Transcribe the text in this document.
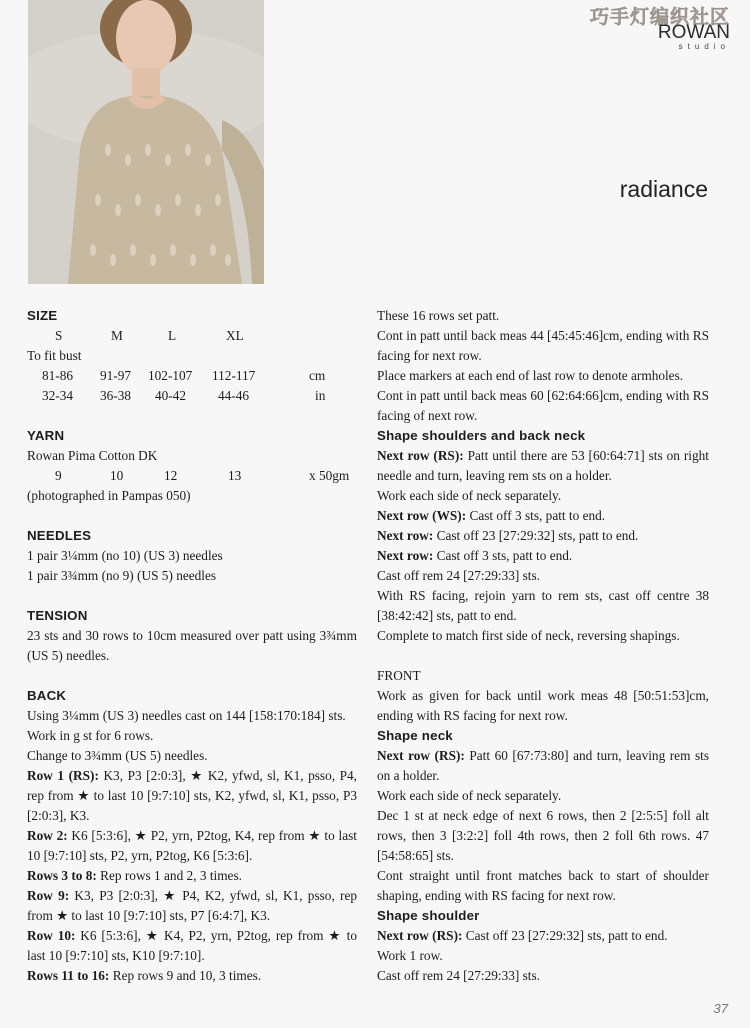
巧手灯编织社区
ROWAN
studio
radiance
SIZE
S	M	L	XL
To fit bust
81-86 91-97 102-107 112-117	cm
32-34 36-38 40-42 44-46	in
YARN
Rowan Pima Cotton DK
9	10	12	13	x 50gm
(photographed in Pampas 050)
NEEDLES
1 pair 3¼mm (no 10) (US 3) needles
1 pair 3¾mm (no 9) (US 5) needles
TENSION

23 sts and 30 rows to 10cm measured over patt using 3¾mm (US 5) needles.

BACK

Using 3¼mm (US 3) needles cast on 144 [158:170:184] sts.

Work in g st for 6 rows.

Change to 3¾mm (US 5) needles.

Row 1 (RS): K3, P3 [2:0:3], ★ K2, yfwd, sl, K1, psso, P4, rep from ★ to last 10 [9:7:10] sts, K2, yfwd, sl, K1, psso, P3 [2:0:3], K3.

Row 2: K6 [5:3:6], ★ P2, yrn, P2tog, K4, rep from ★ to last 10 [9:7:10] sts, P2, yrn, P2tog, K6 [5:3:6].

Rows 3 to 8: Rep rows 1 and 2, 3 times.

Row 9: K3, P3 [2:0:3], ★ P4, K2, yfwd, sl, K1, psso, rep from ★ to last 10 [9:7:10] sts, P7 [6:4:7], K3.

Row 10: K6 [5:3:6], ★ K4, P2, yrn, P2tog, rep from ★ to last 10 [9:7:10] sts, K10 [9:7:10].

Rows 11 to 16: Rep rows 9 and 10, 3 times.

These 16 rows set patt.

Cont in patt until back meas 44 [45:45:46]cm, ending with RS facing for next row.

Place markers at each end of last row to denote armholes.

Cont in patt until back meas 60 [62:64:66]cm, ending with RS facing of next row.

Shape shoulders and back neck

Next row (RS): Patt until there are 53 [60:64:71] sts on right needle and turn, leaving rem sts on a holder.

Work each side of neck separately.

Next row (WS): Cast off 3 sts, patt to end.

Next row: Cast off 23 [27:29:32] sts, patt to end.

Next row: Cast off 3 sts, patt to end.

Cast off rem 24 [27:29:33] sts.

With RS facing, rejoin yarn to rem sts, cast off centre 38 [38:42:42] sts, patt to end.

Complete to match first side of neck, reversing shapings.

FRONT

Work as given for back until work meas 48 [50:51:53]cm, ending with RS facing for next row.

Shape neck

Next row (RS): Patt 60 [67:73:80] and turn, leaving rem sts on a holder.

Work each side of neck separately.

Dec 1 st at neck edge of next 6 rows, then 2 [2:5:5] foll alt rows, then 3 [3:2:2] foll 4th rows, then 2 foll 6th rows. 47 [54:58:65] sts.

Cont straight until front matches back to start of shoulder shaping, ending with RS facing for next row.

Shape shoulder

Next row (RS): Cast off 23 [27:29:32] sts, patt to end.

Work 1 row.

Cast off rem 24 [27:29:33] sts.

37
